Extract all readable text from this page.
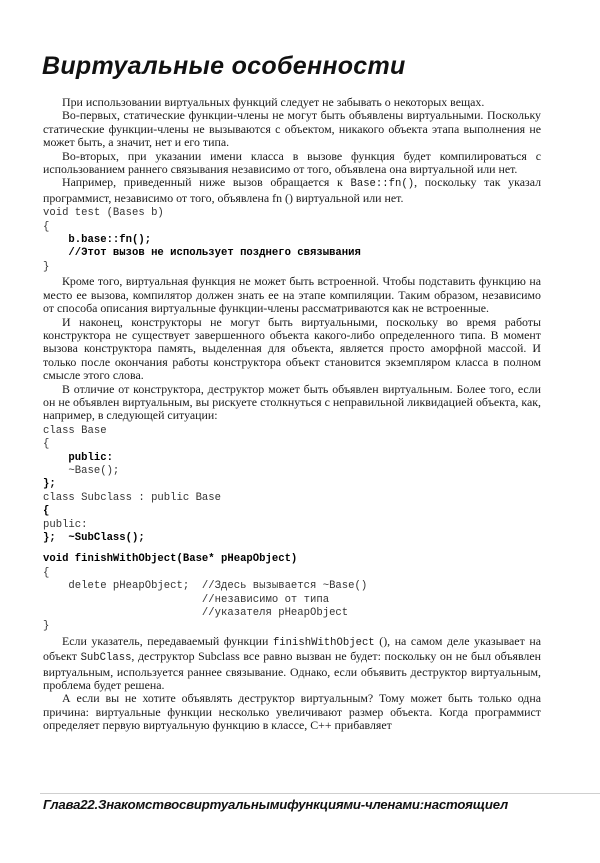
Виртуальные особенности

При использовании виртуальных функций следует не забывать о некоторых вещах.

Во-первых, статические функции-члены не могут быть объявлены виртуальными. Поскольку статические функции-члены не вызываются с объектом, никакого объекта этапа выполнения не может быть, а значит, нет и его типа.

Во-вторых, при указании имени класса в вызове функция будет компилироваться с использованием раннего связывания независимо от того, объявлена она виртуальной или нет.

Например, приведенный ниже вызов обращается к Base::fn(), поскольку так указал программист, независимо от того, объявлена fn () виртуальной или нет.

void test (Bases b)
{
b.base::fn();
//Этот вызов не использует позднего связывания
}

Кроме того, виртуальная функция не может быть встроенной. Чтобы подставить функцию на место ее вызова, компилятор должен знать ее на этапе компиляции. Таким образом, независимо от способа описания виртуальные функции-члены рассматриваются как не встроенные.

И наконец, конструкторы не могут быть виртуальными, поскольку во время работы конструктора не существует завершенного объекта какого-либо определенного типа. В момент вызова конструктора память, выделенная для объекта, является просто аморфной массой. И только после окончания работы конструктора объект становится экземпляром класса в полном смысле этого слова.

В отличие от конструктора, деструктор может быть объявлен виртуальным. Более того, если он не объявлен виртуальным, вы рискуете столкнуться с неправильной ликвидацией объекта, как, например, в следующей ситуации:

class Base
{
public:
~Base();
};
class Subclass : public Base
{
public:
};  ~SubClass();
void finishWithObject(Base* pHeapObject)
{
delete pHeapObject;  //Здесь вызывается ~Base()
//независимо от типа
//указателя pHeapObject
}

Если указатель, передаваемый функции finishWithObject (), на самом деле указывает на объект SubClass, деструктор Subclass все равно вызван не будет: поскольку он не был объявлен виртуальным, используется раннее связывание. Однако, если объявить деструктор виртуальным, проблема будет решена.

А если вы не хотите объявлять деструктор виртуальным? Тому может быть только одна причина: виртуальные функции несколько увеличивают размер объекта. Когда программист определяет первую виртуальную функцию в классе, C++ прибавляет

Глава22.Знакомствосвиртуальнымифункциями-членами:настоящиел
